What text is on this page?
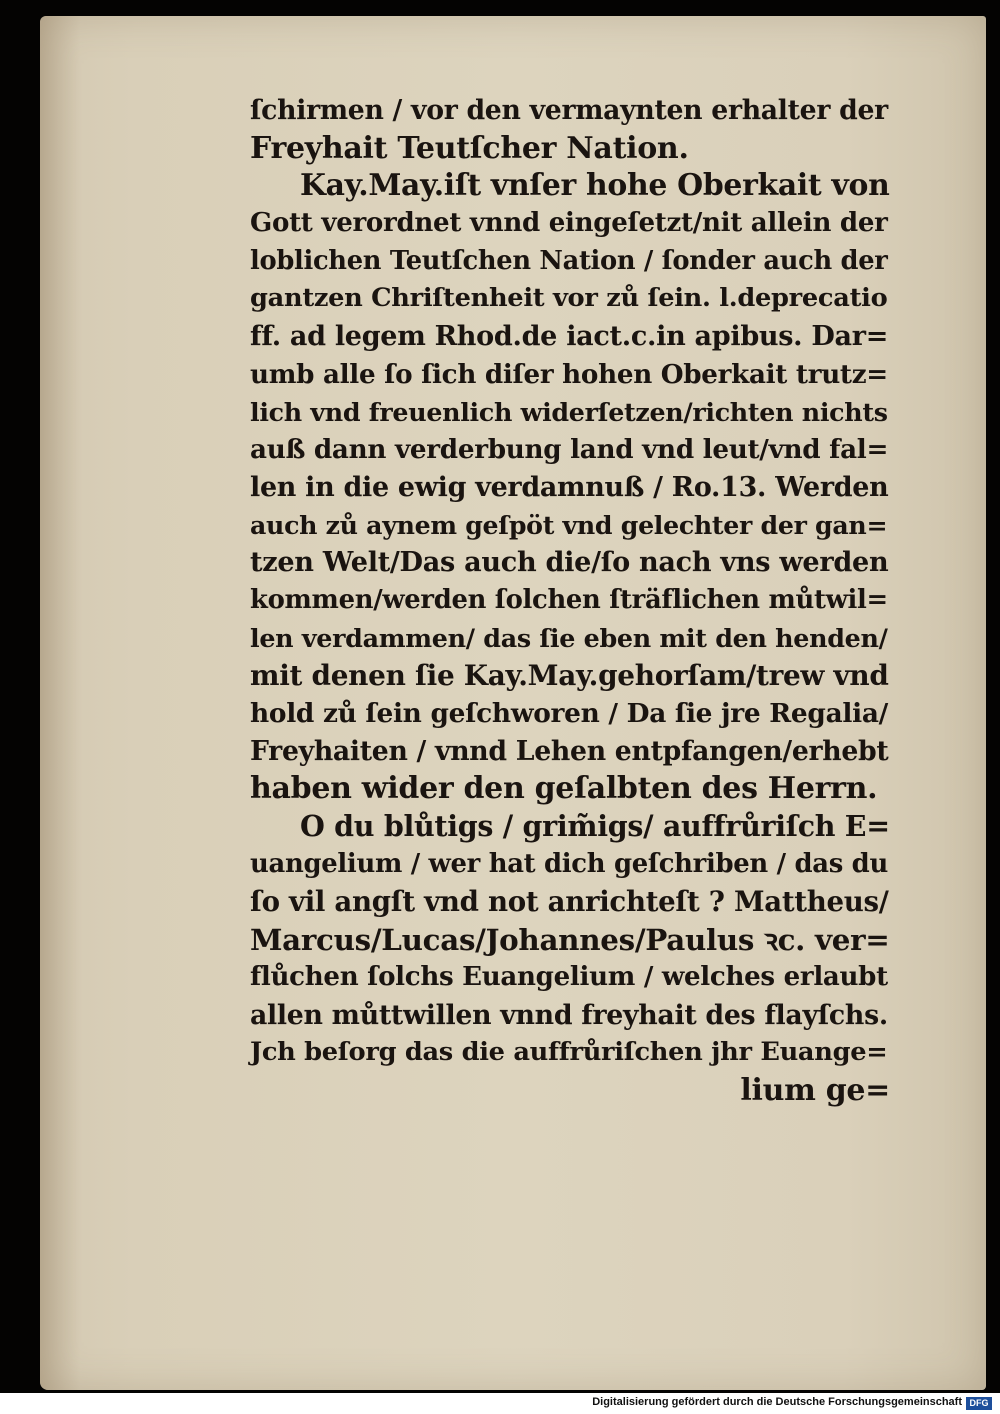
ſchirmen / vor den vermaynten erhalter der
Freyhait Teutſcher Nation.
Kay.May.iſt vnſer hohe Oberkait von
Gott verordnet vnnd eingeſetzt/nit allein der
loblichen Teutſchen Nation / ſonder auch der
gantzen Chriſtenheit vor zů ſein. l.deprecatio
ff. ad legem Rhod.de iact.c.in apibus. Dar=
umb alle ſo ſich diſer hohen Oberkait trutz=
lich vnd freuenlich widerſetzen/richten nichts
auß dann verderbung land vnd leut/vnd fal=
len in die ewig verdamnuß / Ro.13. Werden
auch zů aynem geſpöt vnd gelechter der gan=
tzen Welt/Das auch die/ſo nach vns werden
kommen/werden ſolchen ſträflichen můtwil=
len verdammen/ das ſie eben mit den henden/
mit denen ſie Kay.May.gehorſam/trew vnd
hold zů ſein geſchworen / Da ſie jre Regalia/
Freyhaiten / vnnd Lehen entpfangen/erhebt
haben wider den geſalbten des Herrn.
O du blůtigs / grim̃igs/ auffrůriſch E=
uangelium / wer hat dich geſchriben / das du
ſo vil angſt vnd not anrichteſt ? Mattheus/
Marcus/Lucas/Johannes/Paulus ꝛc. ver=
flůchen ſolchs Euangelium / welches erlaubt
allen můttwillen vnnd freyhait des flayſchs.
Jch beſorg das die auffrůriſchen jhr Euange=
lium ge=
Digitalisierung gefördert durch die Deutsche Forschungsgemeinschaft DFG
